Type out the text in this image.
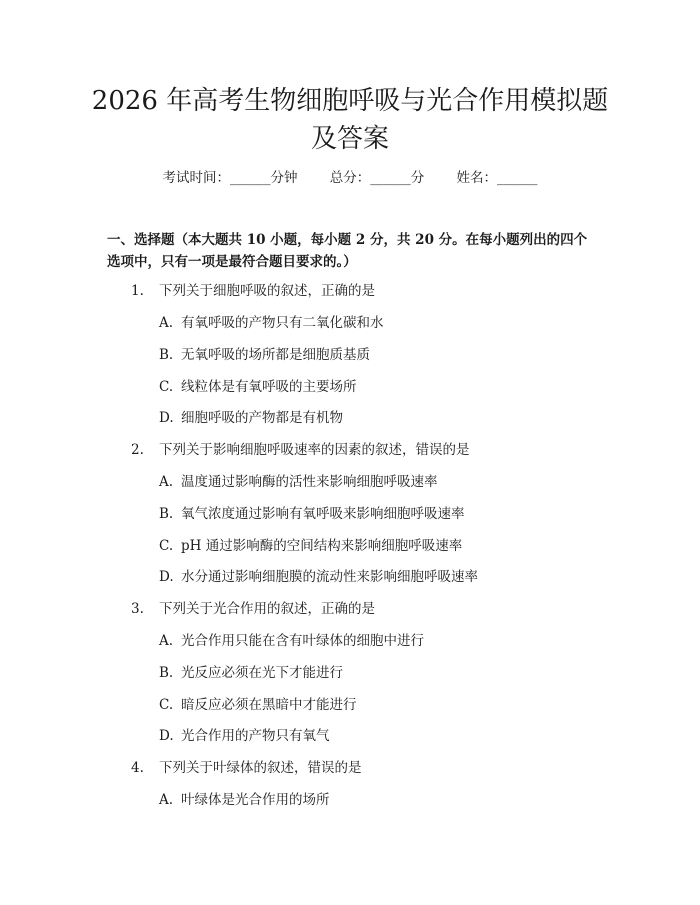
2026 年高考生物细胞呼吸与光合作用模拟题及答案
考试时间：______分钟 总分：______分 姓名：______

一、选择题（本大题共 10 小题，每小题 2 分，共 20 分。在每小题列出的四个选项中，只有一项是最符合题目要求的。）

1. 下列关于细胞呼吸的叙述，正确的是
A. 有氧呼吸的产物只有二氧化碳和水
B. 无氧呼吸的场所都是细胞质基质
C. 线粒体是有氧呼吸的主要场所
D. 细胞呼吸的产物都是有机物
2. 下列关于影响细胞呼吸速率的因素的叙述，错误的是
A. 温度通过影响酶的活性来影响细胞呼吸速率
B. 氧气浓度通过影响有氧呼吸来影响细胞呼吸速率
C. pH 通过影响酶的空间结构来影响细胞呼吸速率
D. 水分通过影响细胞膜的流动性来影响细胞呼吸速率
3. 下列关于光合作用的叙述，正确的是
A. 光合作用只能在含有叶绿体的细胞中进行
B. 光反应必须在光下才能进行
C. 暗反应必须在黑暗中才能进行
D. 光合作用的产物只有氧气
4. 下列关于叶绿体的叙述，错误的是
A. 叶绿体是光合作用的场所
